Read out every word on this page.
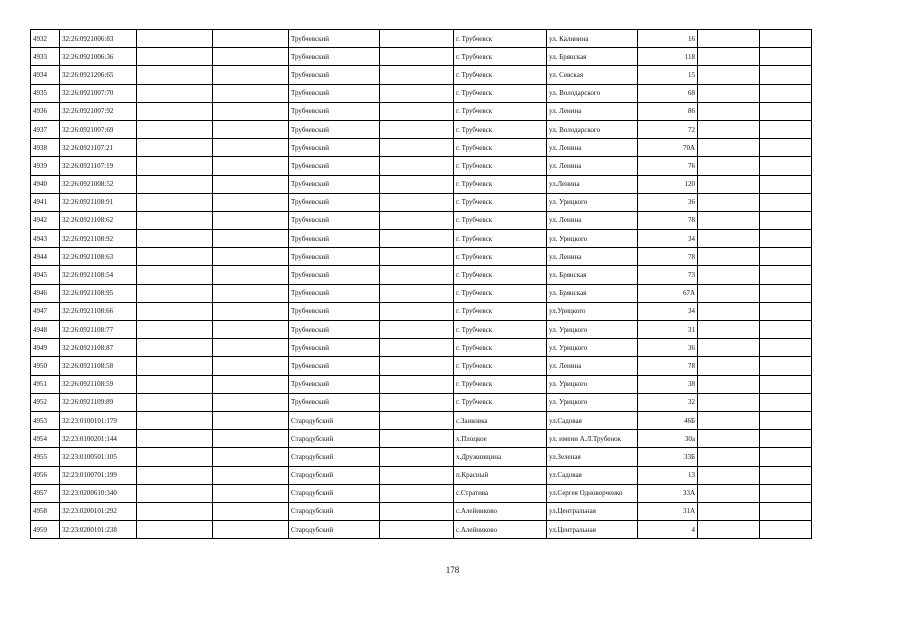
4932	32:26:0921006:83			Трубчевский		г. Трубчевск	ул. Калинина	16		
4933	32:26:0921006:36			Трубчевский		г. Трубчевск	ул. Брянская	118		
4934	32:26:0921206:65			Трубчевский		г. Трубчевск	ул. Севская	15		
4935	32:26:0921007:70			Трубчевский		г. Трубчевск	ул. Володарского	68		
4936	32:26:0921007:92			Трубчевский		г. Трубчевск	ул. Ленина	86		
4937	32:26:0921007:69			Трубчевский		г. Трубчевск	ул. Володарского	72		
4938	32:26:0921107:21			Трубчевский		г. Трубчевск	ул. Ленина	70А		
4939	32:26:0921107:19			Трубчевский		г. Трубчевск	ул. Ленина	76		
4940	32:26:0921008:52			Трубчевский		г. Трубчевск	ул.Ленина	120		
4941	32:26:0921108:91			Трубчевский		г. Трубчевск	ул. Урицкого	36		
4942	32:26:0921108:62			Трубчевский		г. Трубчевск	ул. Ленина	78		
4943	32:26:0921108:92			Трубчевский		г. Трубчевск	ул. Урицкого	34		
4944	32:26:0921108:63			Трубчевский		г. Трубчевск	ул. Ленина	78		
4945	32:26:0921108:54			Трубчевский		г. Трубчевск	ул. Брянская	73		
4946	32:26:0921108:95			Трубчевский		г. Трубчевск	ул. Брянская	67А		
4947	32:26:0921108:66			Трубчевский		г. Трубчевск	ул.Урицкого	34		
4948	32:26:0921108:77			Трубчевский		г. Трубчевск	ул. Урицкого	31		
4949	32:26:0921108:87			Трубчевский		г. Трубчевск	ул. Урицкого	36		
4950	32:26:0921108:58			Трубчевский		г. Трубчевск	ул. Ленина	78		
4951	32:26:0921108:59			Трубчевский		г. Трубчевск	ул. Урицкого	38		
4952	32:26:0921109:89			Трубчевский		г. Трубчевск	ул. Урицкого	32		
4953	32:23:0100101:179			Стародубский		с.Занковка	ул.Садовая	46Б		
4954	32:23:0100201:144			Стародубский		х.Плоцкое	ул. имени А.Л.Трубенок	30а		
4955	32:23:0100501:105			Стародубский		х.Дружнищина	ул.Зеленая	33Б		
4956	32:23:0100701:199			Стародубский		п.Красный	ул.Садовая	13		
4957	32:23:0200610:340			Стародубский		с.Стратива	ул.Сергея Одноворченко	33А		
4958	32:23:0200101:292			Стародубский		с.Алейниково	ул.Центральная	31А		
4959	32:23:0200101:238			Стародубский		с.Алейниково	ул.Центральная	4		
178
